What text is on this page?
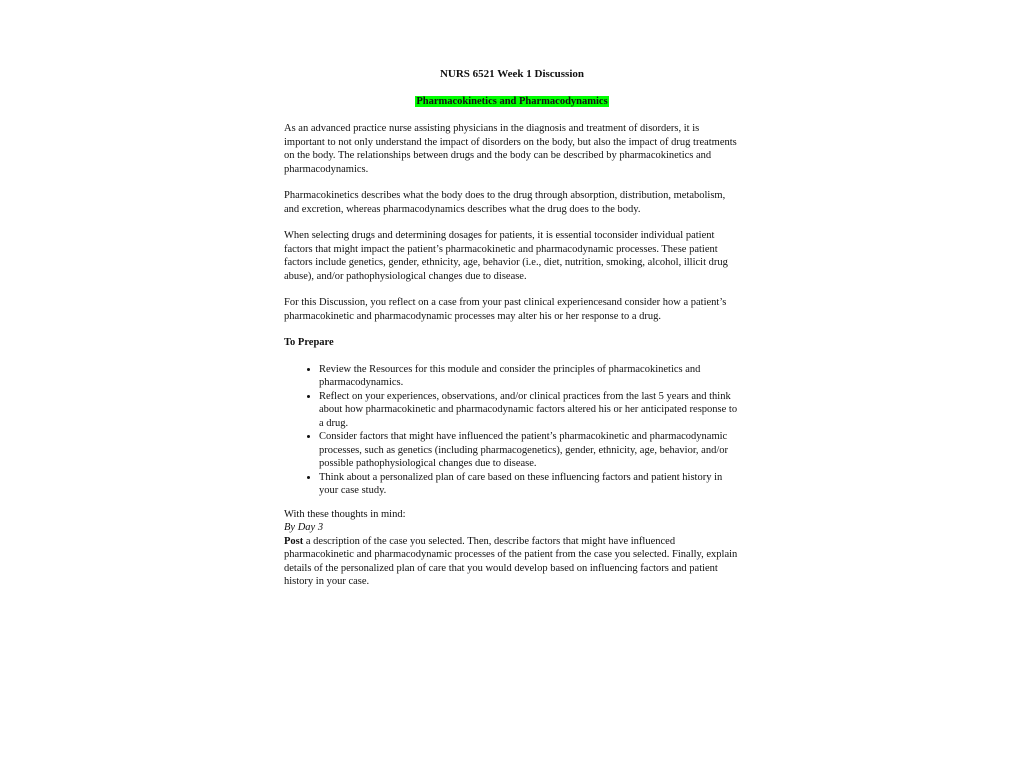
NURS 6521 Week 1 Discussion
Pharmacokinetics and Pharmacodynamics

As an advanced practice nurse assisting physicians in the diagnosis and treatment of disorders, it is important to not only understand the impact of disorders on the body, but also the impact of drug treatments on the body. The relationships between drugs and the body can be described by pharmacokinetics and pharmacodynamics.

Pharmacokinetics describes what the body does to the drug through absorption, distribution, metabolism, and excretion, whereas pharmacodynamics describes what the drug does to the body.

When selecting drugs and determining dosages for patients, it is essential toconsider individual patient factors that might impact the patient’s pharmacokinetic and pharmacodynamic processes. These patient factors include genetics, gender, ethnicity, age, behavior (i.e., diet, nutrition, smoking, alcohol, illicit drug abuse), and/or pathophysiological changes due to disease.

For this Discussion, you reflect on a case from your past clinical experiencesand consider how a patient’s pharmacokinetic and pharmacodynamic processes may alter his or her response to a drug.

To Prepare
• Review the Resources for this module and consider the principles of pharmacokinetics and pharmacodynamics.
• Reflect on your experiences, observations, and/or clinical practices from the last 5 years and think about how pharmacokinetic and pharmacodynamic factors altered his or her anticipated response to a drug.
• Consider factors that might have influenced the patient’s pharmacokinetic and pharmacodynamic processes, such as genetics (including pharmacogenetics), gender, ethnicity, age, behavior, and/or possible pathophysiological changes due to disease.
• Think about a personalized plan of care based on these influencing factors and patient history in your case study.
With these thoughts in mind:
By Day 3
Post a description of the case you selected. Then, describe factors that might have influenced pharmacokinetic and pharmacodynamic processes of the patient from the case you selected. Finally, explain details of the personalized plan of care that you would develop based on influencing factors and patient history in your case.
